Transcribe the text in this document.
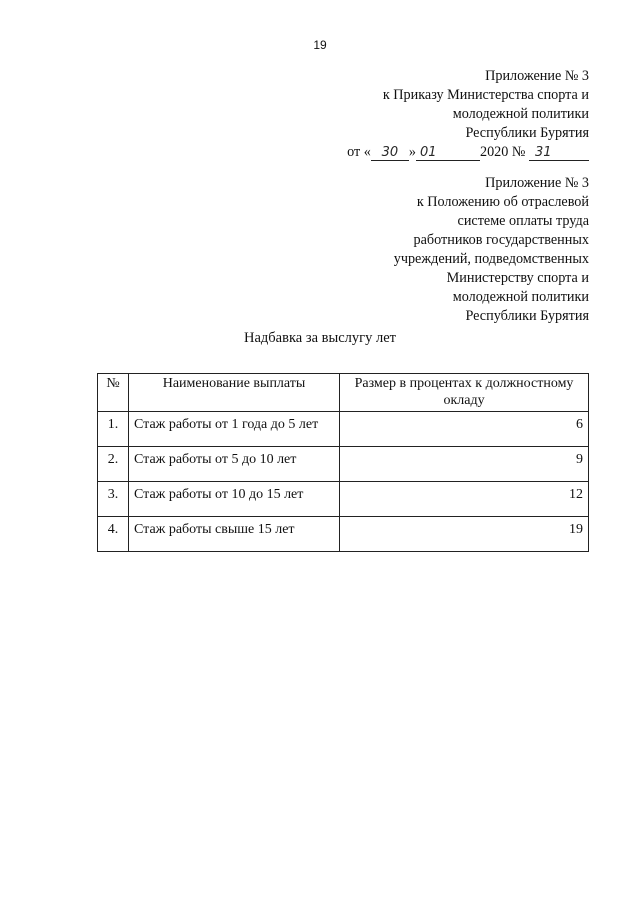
19
Приложение № 3
к Приказу Министерства спорта и
молодежной политики
Республики Бурятия
от « 30 » 01	2020 № 31
Приложение № 3
к Положению об отраслевой
системе оплаты труда
работников государственных
учреждений, подведомственных
Министерству спорта и
молодежной политики
Республики Бурятия
Надбавка за выслугу лет
№	Наименование выплаты	Размер в процентах к должностному окладу
1.	Стаж работы от 1 года до 5 лет	6
2.	Стаж работы от 5 до 10 лет	9
3.	Стаж работы от 10 до 15 лет	12
4.	Стаж работы свыше 15 лет	19
